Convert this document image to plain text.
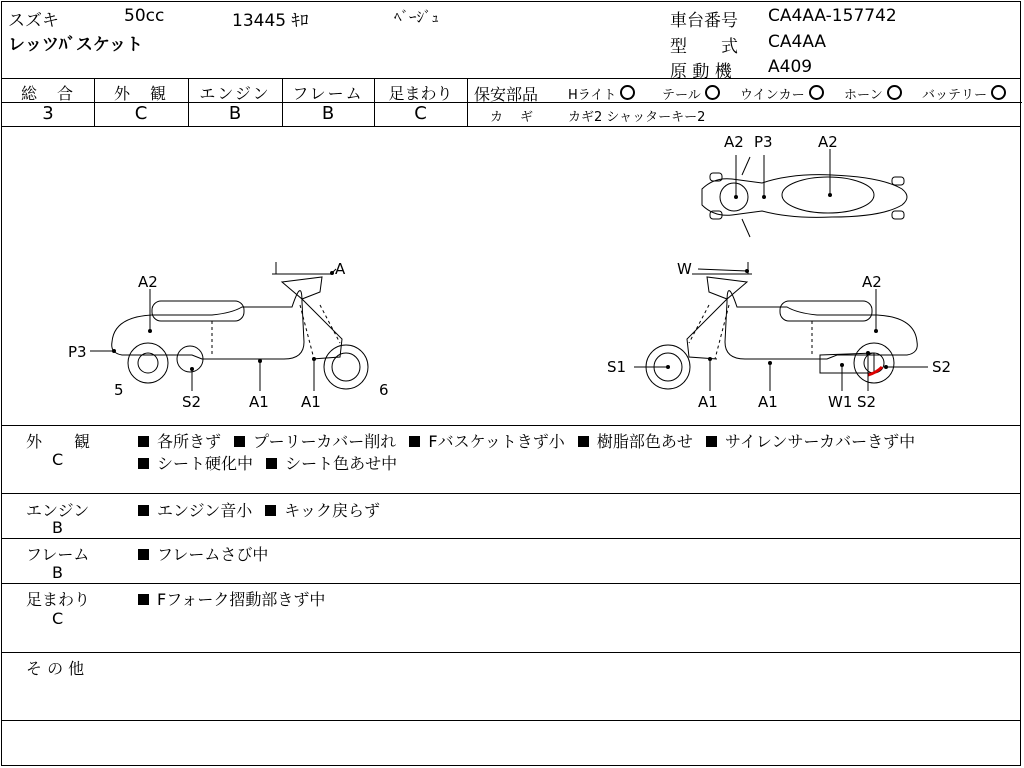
スズキ	50cc	13445 ｷﾛ	ﾍﾞｰｼﾞｭ
レッツﾊﾞスケット
車台番号 CA4AA-157742
型　　式 CA4AA
原 動 機 A409
総　合	外　観	エンジン	フレーム	足まわり
3	C	B	B	C
保安部品 Hライト	テール	ウインカー	ホーン	バッテリー
カ　ギ	カギ2 シャッターキー2
A2 P3	A2
A
A2
P3
5
S2	A1 A1
6
W
A2
S1
A1	A1	W1 S2
S2
外　　観
C
各所きず プーリーカバー削れ Fバスケットきず小 樹脂部色あせ サイレンサーカバーきず中
シート硬化中 シート色あせ中
エンジン
B
エンジン音小 キック戻らず
フレーム
B
フレームさび中
足まわり
C
Fフォーク摺動部きず中
そ の 他
